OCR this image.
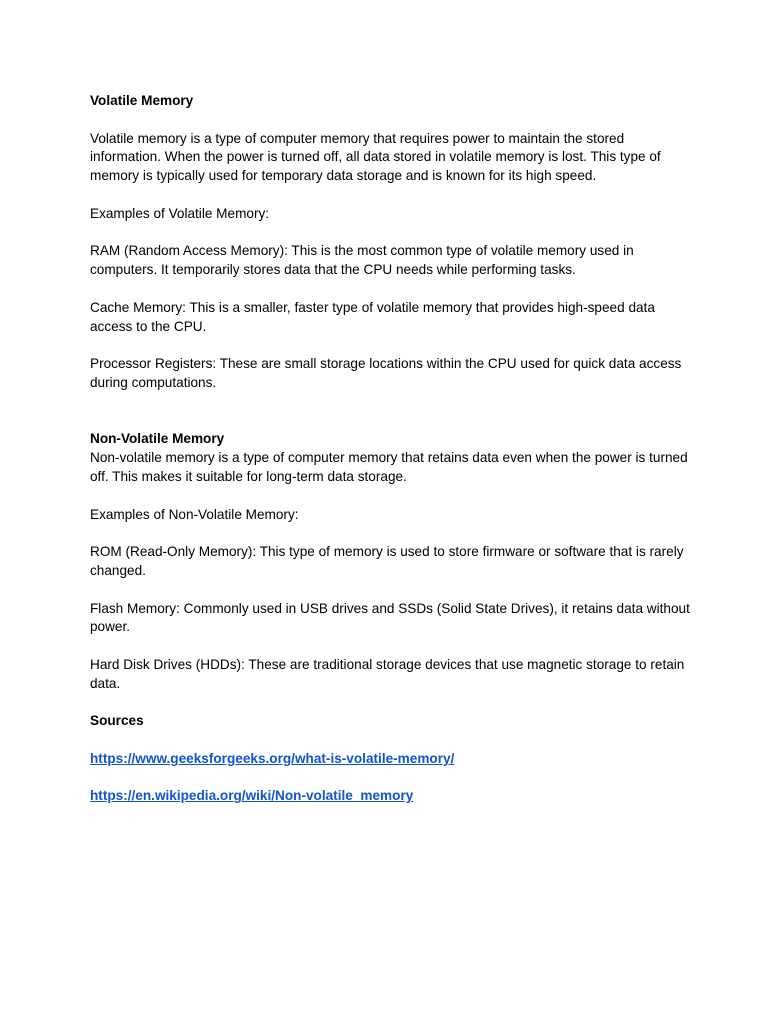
Volatile Memory

Volatile memory is a type of computer memory that requires power to maintain the stored information. When the power is turned off, all data stored in volatile memory is lost. This type of memory is typically used for temporary data storage and is known for its high speed.

Examples of Volatile Memory:

RAM (Random Access Memory): This is the most common type of volatile memory used in computers. It temporarily stores data that the CPU needs while performing tasks.

Cache Memory: This is a smaller, faster type of volatile memory that provides high-speed data access to the CPU.

Processor Registers: These are small storage locations within the CPU used for quick data access during computations.

Non-Volatile Memory

Non-volatile memory is a type of computer memory that retains data even when the power is turned off. This makes it suitable for long-term data storage.

Examples of Non-Volatile Memory:

ROM (Read-Only Memory): This type of memory is used to store firmware or software that is rarely changed.

Flash Memory: Commonly used in USB drives and SSDs (Solid State Drives), it retains data without power.

Hard Disk Drives (HDDs): These are traditional storage devices that use magnetic storage to retain data.

Sources

https://www.geeksforgeeks.org/what-is-volatile-memory/

https://en.wikipedia.org/wiki/Non-volatile_memory
